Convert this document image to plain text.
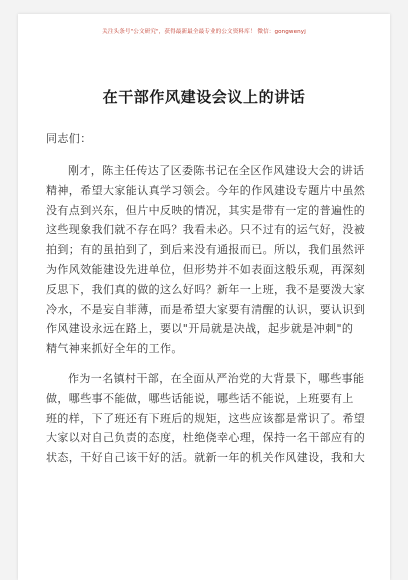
关注头条号"公文研究"，获得最新最全最专业的公文资料库！ 微信：gongwenyj
在干部作风建设会议上的讲话
同志们：
刚才，陈主任传达了区委陈书记在全区作风建设大会的讲话
精神，希望大家能认真学习领会。今年的作风建设专题片中虽然
没有点到兴东，但片中反映的情况，其实是带有一定的普遍性的
这些现象我们就不存在吗？我看未必。只不过有的运气好，没被
拍到；有的虽拍到了，到后来没有通报而已。所以，我们虽然评
为作风效能建设先进单位，但形势并不如表面这般乐观，再深刻
反思下，我们真的做的这么好吗？新年一上班，我不是要泼大家
冷水，不是妄自菲薄，而是希望大家要有清醒的认识，要认识到
作风建设永远在路上，要以"开局就是决战，起步就是冲刺"的
精气神来抓好全年的工作。
作为一名镇村干部，在全面从严治党的大背景下，哪些事能
做，哪些事不能做，哪些话能说，哪些话不能说，上班要有上
班的样，下了班还有下班后的规矩，这些应该都是常识了。希望
大家以对自己负责的态度，杜绝侥幸心理，保持一名干部应有的
状态，干好自己该干好的活。就新一年的机关作风建设，我和大
